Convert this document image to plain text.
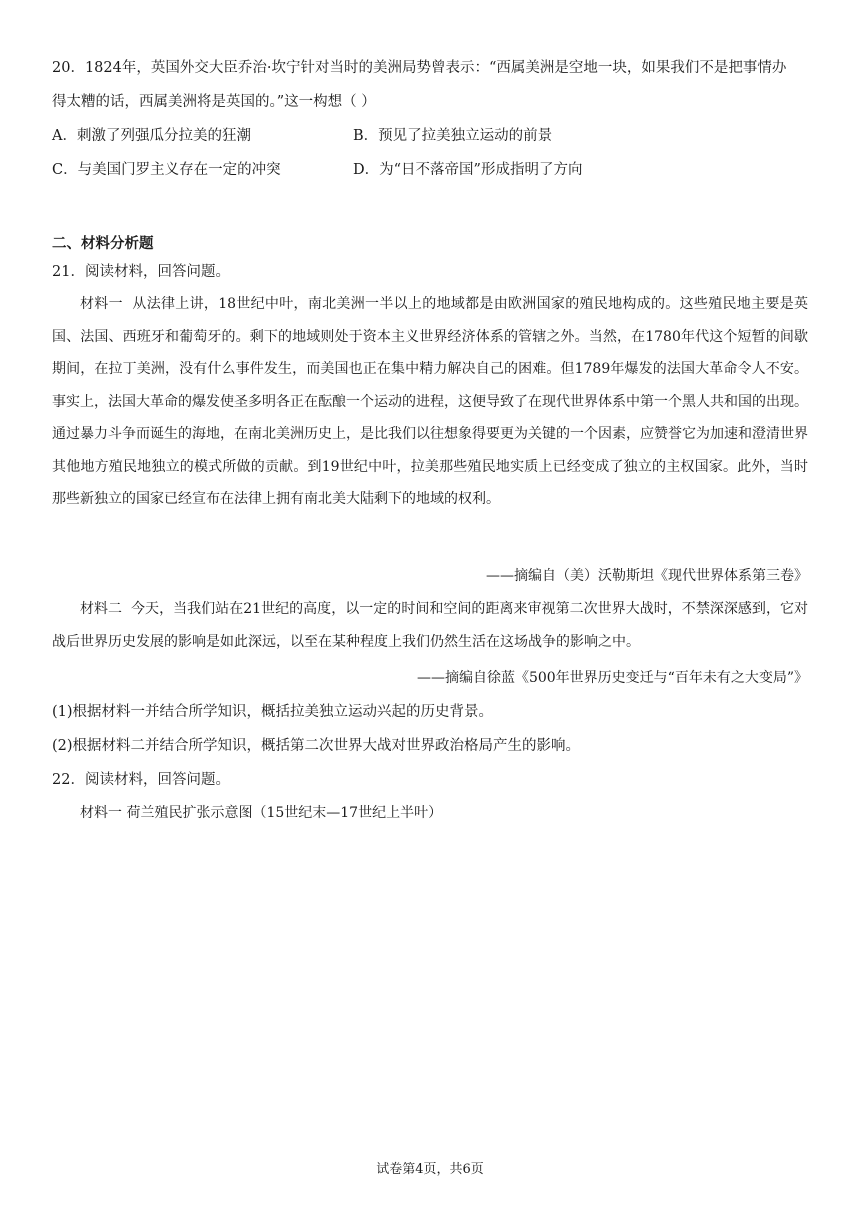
20．1824年，英国外交大臣乔治·坎宁针对当时的美洲局势曾表示：“西属美洲是空地一块，如果我们不是把事情办
得太糟的话，西属美洲将是英国的。”这一构想（ ）
A．刺激了列强瓜分拉美的狂潮	B．预见了拉美独立运动的前景
C．与美国门罗主义存在一定的冲突	D．为“日不落帝国”形成指明了方向
二、材料分析题
21．阅读材料，回答问题。
材料一 从法律上讲，18世纪中叶，南北美洲一半以上的地域都是由欧洲国家的殖民地构成的。这些殖民地主要是英国、法国、西班牙和葡萄牙的。剩下的地域则处于资本主义世界经济体系的管辖之外。当然，在1780年代这个短暂的间歇期间，在拉丁美洲，没有什么事件发生，而美国也正在集中精力解决自己的困难。但1789年爆发的法国大革命令人不安。事实上，法国大革命的爆发使圣多明各正在酝酿一个运动的进程，这便导致了在现代世界体系中第一个黑人共和国的出现。通过暴力斗争而诞生的海地，在南北美洲历史上，是比我们以往想象得要更为关键的一个因素，应赞誉它为加速和澄清世界其他地方殖民地独立的模式所做的贡献。到19世纪中叶，拉美那些殖民地实质上已经变成了独立的主权国家。此外，当时那些新独立的国家已经宣布在法律上拥有南北美大陆剩下的地域的权利。
——摘编自（美）沃勒斯坦《现代世界体系第三卷》
材料二 今天，当我们站在21世纪的高度，以一定的时间和空间的距离来审视第二次世界大战时，不禁深深感到，它对战后世界历史发展的影响是如此深远，以至在某种程度上我们仍然生活在这场战争的影响之中。
——摘编自徐蓝《500年世界历史变迁与“百年未有之大变局”》
(1)根据材料一并结合所学知识，概括拉美独立运动兴起的历史背景。
(2)根据材料二并结合所学知识，概括第二次世界大战对世界政治格局产生的影响。
22．阅读材料，回答问题。
材料一 荷兰殖民扩张示意图（15世纪末—17世纪上半叶）
试卷第4页，共6页
